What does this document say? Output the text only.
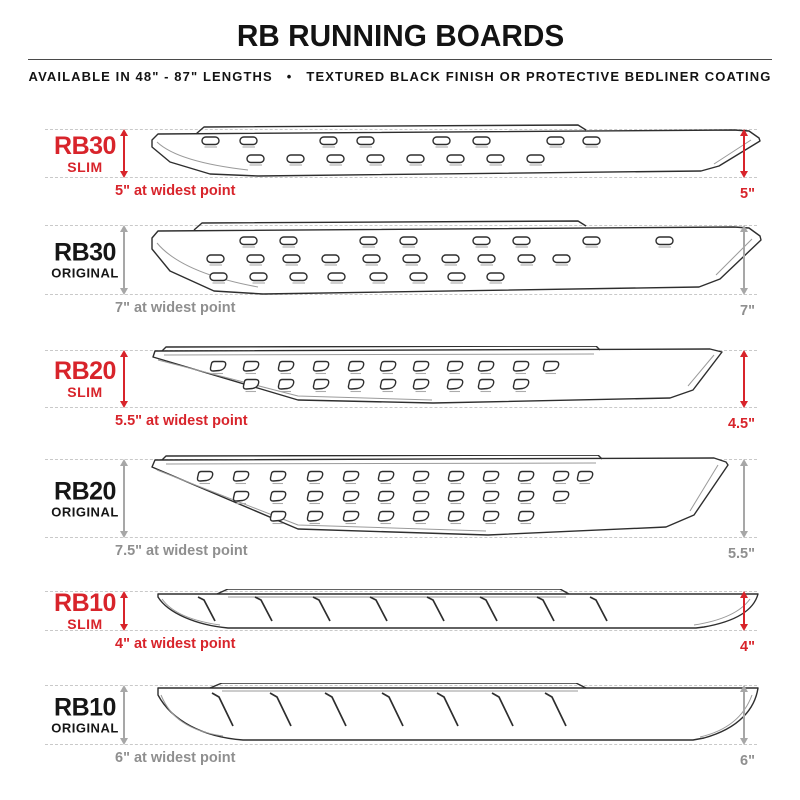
RB RUNNING BOARDS
AVAILABLE IN 48" - 87" LENGTHS • TEXTURED BLACK FINISH OR PROTECTIVE BEDLINER COATING
RB30
SLIM
5" at widest point	5"
RB30
ORIGINAL
7" at widest point	7"
RB20
SLIM
5.5" at widest point	4.5"
RB20
ORIGINAL
7.5" at widest point	5.5"
RB10
SLIM
4" at widest point	4"
RB10
ORIGINAL
6" at widest point	6"
